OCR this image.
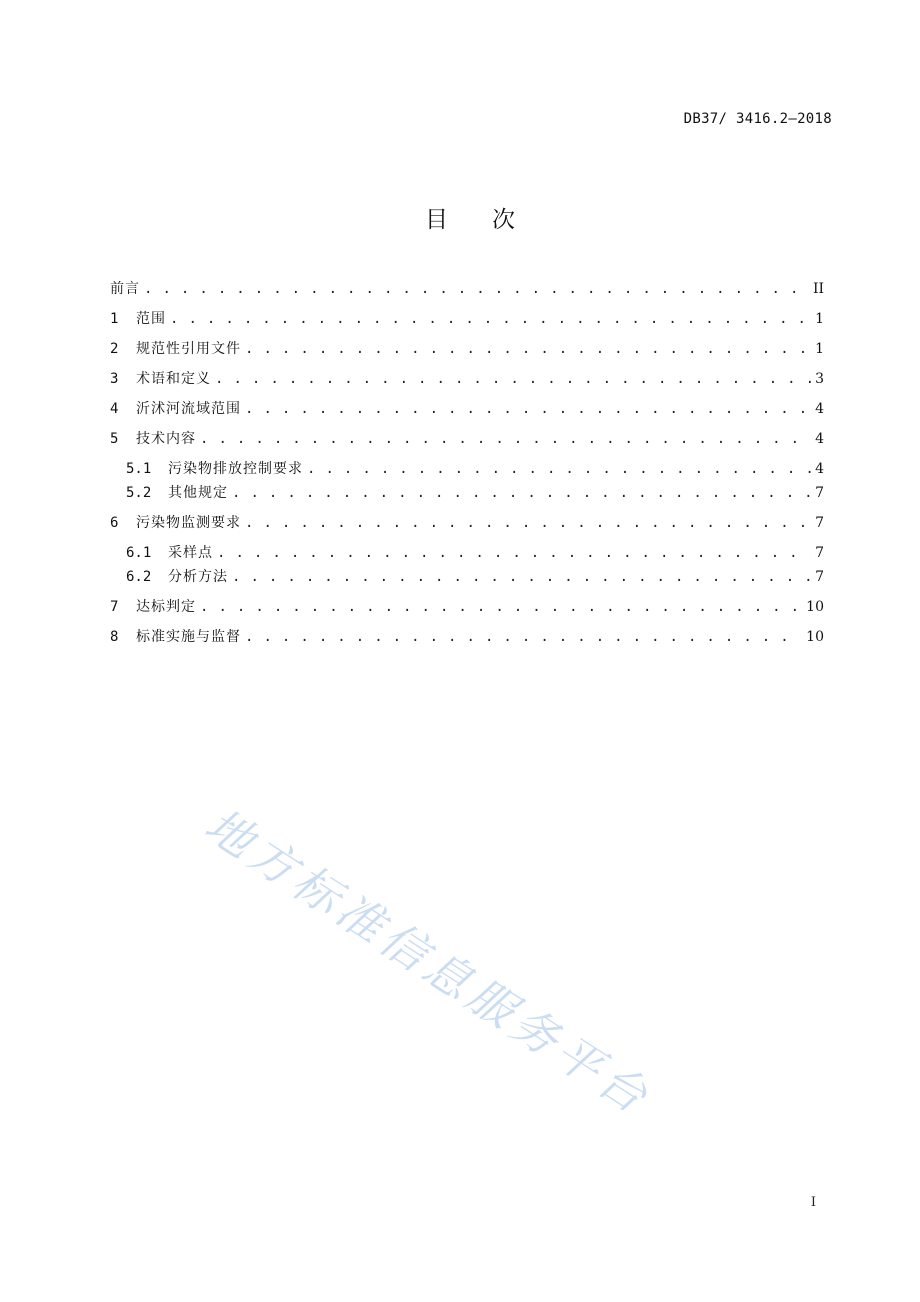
DB37/ 3416.2—2018
目 次
前言 . . .	II
1	范围 . . .	1
2	规范性引用文件 . . .	1
3	术语和定义 . . .	3
4	沂沭河流域范围 . . .	4
5	技术内容 . . .	4
5.1	污染物排放控制要求 . . .	4
5.2	其他规定 . . .	7
6	污染物监测要求 . . .	7
6.1	采样点 . . .	7
6.2	分析方法 . . .	7
7	达标判定 . . .	10
8	标准实施与监督 . . .	10
地方标准信息服务平台
I
